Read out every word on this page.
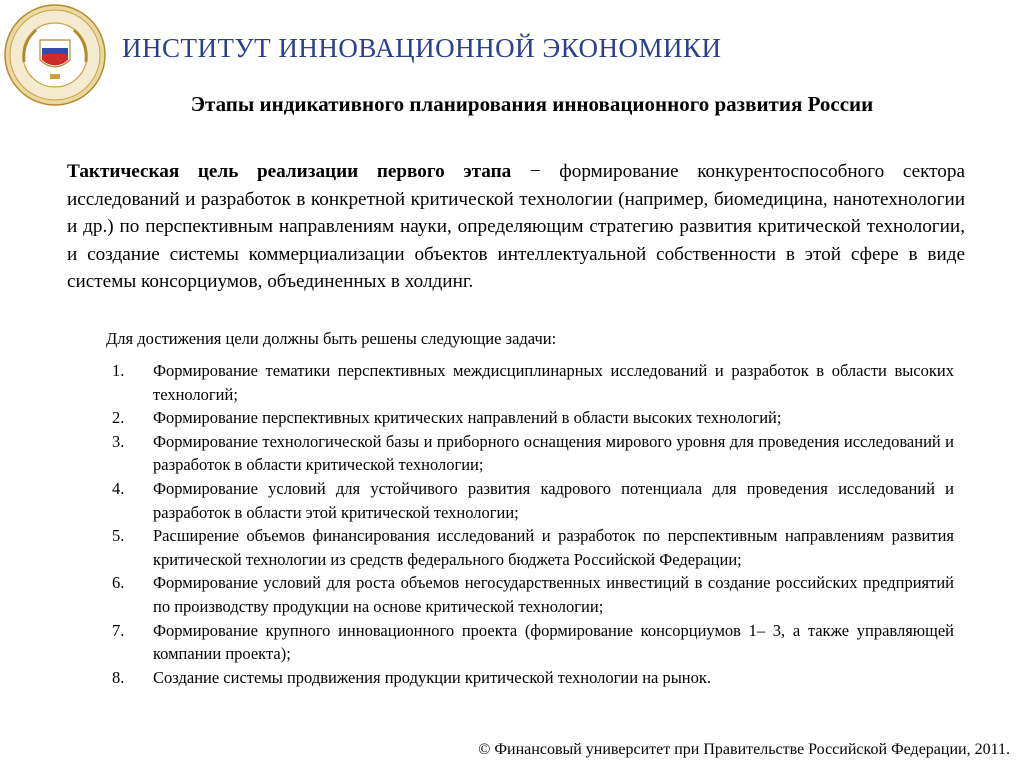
ИНСТИТУТ ИННОВАЦИОННОЙ ЭКОНОМИКИ
Этапы индикативного планирования инновационного развития России
Тактическая цель реализации первого этапа − формирование конкурентоспособного сектора исследований и разработок в конкретной критической технологии (например, биомедицина, нанотехнологии и др.) по перспективным направлениям науки, определяющим стратегию развития критической технологии, и создание системы коммерциализации объектов интеллектуальной собственности в этой сфере в виде системы консорциумов, объединенных в холдинг.
Для достижения цели должны быть решены следующие задачи:
1. Формирование тематики перспективных междисциплинарных исследований и разработок в области высоких технологий;
2. Формирование перспективных критических направлений в области высоких технологий;
3. Формирование технологической базы и приборного оснащения мирового уровня для проведения исследований и разработок в области критической технологии;
4. Формирование условий для устойчивого развития кадрового потенциала для проведения исследований и разработок в области этой критической технологии;
5. Расширение объемов финансирования исследований и разработок по перспективным направлениям развития критической технологии из средств федерального бюджета Российской Федерации;
6. Формирование условий для роста объемов негосударственных инвестиций в создание российских предприятий по производству продукции на основе критической технологии;
7. Формирование крупного инновационного проекта (формирование консорциумов 1– 3, а также управляющей компании проекта);
8. Создание системы продвижения продукции критической технологии на рынок.
© Финансовый университет при Правительстве Российской Федерации, 2011.
